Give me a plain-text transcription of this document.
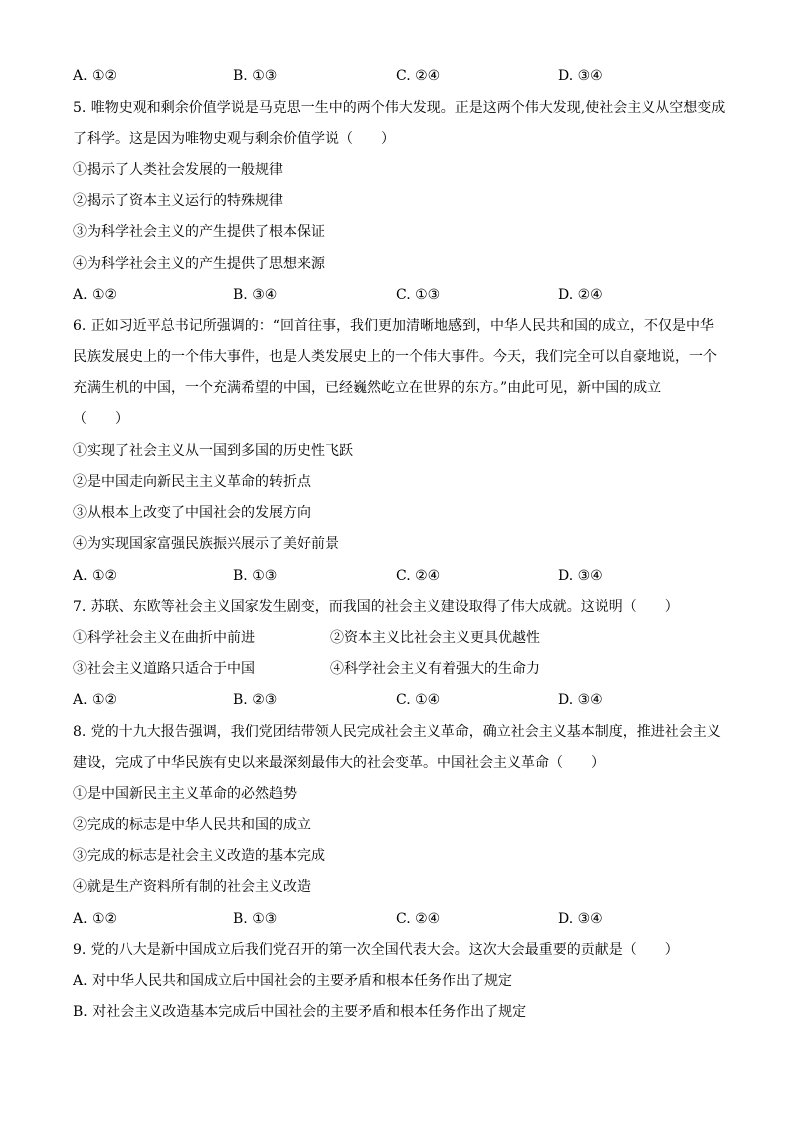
A. ①②	B. ①③	C. ②④	D. ③④
5. 唯物史观和剩余价值学说是马克思一生中的两个伟大发现。正是这两个伟大发现,使社会主义从空想变成
了科学。这是因为唯物史观与剩余价值学说（　　）
①揭示了人类社会发展的一般规律
②揭示了资本主义运行的特殊规律
③为科学社会主义的产生提供了根本保证
④为科学社会主义的产生提供了思想来源
A. ①②	B. ③④	C. ①③	D. ②④
6. 正如习近平总书记所强调的：“回首往事，我们更加清晰地感到，中华人民共和国的成立，不仅是中华
民族发展史上的一个伟大事件，也是人类发展史上的一个伟大事件。今天，我们完全可以自豪地说，一个
充满生机的中国，一个充满希望的中国，已经巍然屹立在世界的东方。”由此可见，新中国的成立
（　　）
①实现了社会主义从一国到多国的历史性飞跃
②是中国走向新民主主义革命的转折点
③从根本上改变了中国社会的发展方向
④为实现国家富强民族振兴展示了美好前景
A. ①②	B. ①③	C. ②④	D. ③④
7. 苏联、东欧等社会主义国家发生剧变，而我国的社会主义建设取得了伟大成就。这说明（　　）
①科学社会主义在曲折中前进	②资本主义比社会主义更具优越性
③社会主义道路只适合于中国	④科学社会主义有着强大的生命力
A. ①②	B. ②③	C. ①④	D. ③④
8. 党的十九大报告强调，我们党团结带领人民完成社会主义革命，确立社会主义基本制度，推进社会主义
建设，完成了中华民族有史以来最深刻最伟大的社会变革。中国社会主义革命（　　）
①是中国新民主主义革命的必然趋势
②完成的标志是中华人民共和国的成立
③完成的标志是社会主义改造的基本完成
④就是生产资料所有制的社会主义改造
A. ①②	B. ①③	C. ②④	D. ③④
9. 党的八大是新中国成立后我们党召开的第一次全国代表大会。这次大会最重要的贡献是（　　）
A. 对中华人民共和国成立后中国社会的主要矛盾和根本任务作出了规定
B. 对社会主义改造基本完成后中国社会的主要矛盾和根本任务作出了规定
